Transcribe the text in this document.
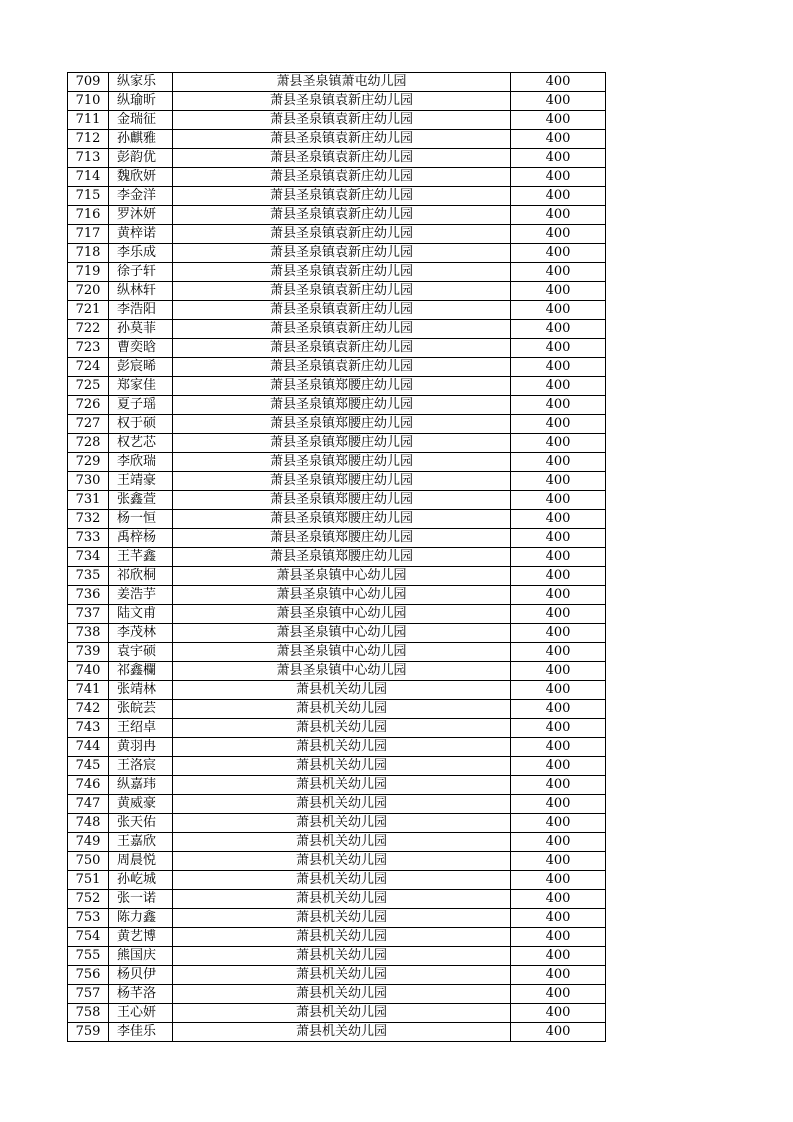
709	纵家乐	萧县圣泉镇萧屯幼儿园	400
710	纵瑜昕	萧县圣泉镇袁新庄幼儿园	400
711	金瑞征	萧县圣泉镇袁新庄幼儿园	400
712	孙麒雅	萧县圣泉镇袁新庄幼儿园	400
713	彭韵优	萧县圣泉镇袁新庄幼儿园	400
714	魏欣妍	萧县圣泉镇袁新庄幼儿园	400
715	李金洋	萧县圣泉镇袁新庄幼儿园	400
716	罗沐妍	萧县圣泉镇袁新庄幼儿园	400
717	黄梓诺	萧县圣泉镇袁新庄幼儿园	400
718	李乐成	萧县圣泉镇袁新庄幼儿园	400
719	徐子轩	萧县圣泉镇袁新庄幼儿园	400
720	纵林轩	萧县圣泉镇袁新庄幼儿园	400
721	李浩阳	萧县圣泉镇袁新庄幼儿园	400
722	孙莫菲	萧县圣泉镇袁新庄幼儿园	400
723	曹奕晗	萧县圣泉镇袁新庄幼儿园	400
724	彭宸晞	萧县圣泉镇袁新庄幼儿园	400
725	郑家佳	萧县圣泉镇郑腰庄幼儿园	400
726	夏子瑶	萧县圣泉镇郑腰庄幼儿园	400
727	权于硕	萧县圣泉镇郑腰庄幼儿园	400
728	权艺芯	萧县圣泉镇郑腰庄幼儿园	400
729	李欣瑞	萧县圣泉镇郑腰庄幼儿园	400
730	王靖豪	萧县圣泉镇郑腰庄幼儿园	400
731	张鑫萱	萧县圣泉镇郑腰庄幼儿园	400
732	杨一恒	萧县圣泉镇郑腰庄幼儿园	400
733	禹梓杨	萧县圣泉镇郑腰庄幼儿园	400
734	王芊鑫	萧县圣泉镇郑腰庄幼儿园	400
735	祁欣桐	萧县圣泉镇中心幼儿园	400
736	姜浩芋	萧县圣泉镇中心幼儿园	400
737	陆文甫	萧县圣泉镇中心幼儿园	400
738	李茂林	萧县圣泉镇中心幼儿园	400
739	袁宇硕	萧县圣泉镇中心幼儿园	400
740	祁鑫欄	萧县圣泉镇中心幼儿园	400
741	张靖林	萧县机关幼儿园	400
742	张皖芸	萧县机关幼儿园	400
743	王绍卓	萧县机关幼儿园	400
744	黄羽冉	萧县机关幼儿园	400
745	王洛宸	萧县机关幼儿园	400
746	纵嘉玮	萧县机关幼儿园	400
747	黄威豪	萧县机关幼儿园	400
748	张天佑	萧县机关幼儿园	400
749	王嘉欣	萧县机关幼儿园	400
750	周晨悦	萧县机关幼儿园	400
751	孙屹城	萧县机关幼儿园	400
752	张一诺	萧县机关幼儿园	400
753	陈力鑫	萧县机关幼儿园	400
754	黄艺博	萧县机关幼儿园	400
755	熊国庆	萧县机关幼儿园	400
756	杨贝伊	萧县机关幼儿园	400
757	杨芊洛	萧县机关幼儿园	400
758	王心妍	萧县机关幼儿园	400
759	李佳乐	萧县机关幼儿园	400
